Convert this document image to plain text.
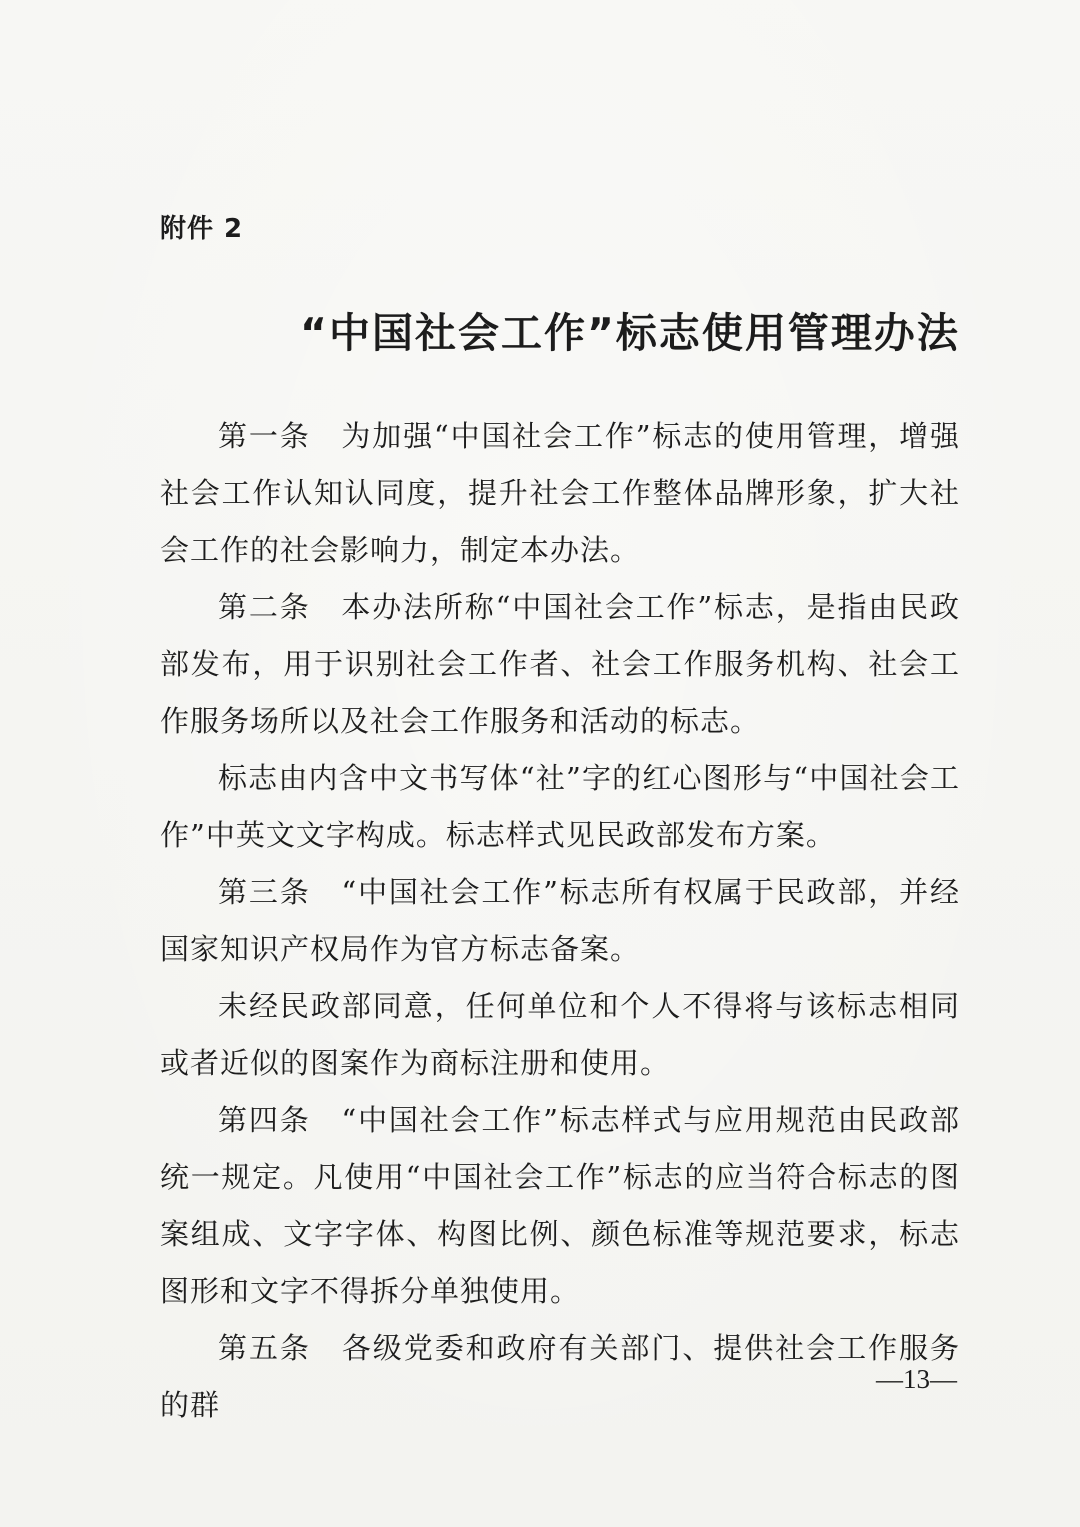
附件 2
“中国社会工作”标志使用管理办法

第一条　为加强“中国社会工作”标志的使用管理，增强社会工作认知认同度，提升社会工作整体品牌形象，扩大社会工作的社会影响力，制定本办法。

第二条　本办法所称“中国社会工作”标志，是指由民政部发布，用于识别社会工作者、社会工作服务机构、社会工作服务场所以及社会工作服务和活动的标志。

标志由内含中文书写体“社”字的红心图形与“中国社会工作”中英文文字构成。标志样式见民政部发布方案。

第三条　“中国社会工作”标志所有权属于民政部，并经国家知识产权局作为官方标志备案。

未经民政部同意，任何单位和个人不得将与该标志相同或者近似的图案作为商标注册和使用。

第四条　“中国社会工作”标志样式与应用规范由民政部统一规定。凡使用“中国社会工作”标志的应当符合标志的图案组成、文字字体、构图比例、颜色标准等规范要求，标志图形和文字不得拆分单独使用。

第五条　各级党委和政府有关部门、提供社会工作服务的群

—13—
